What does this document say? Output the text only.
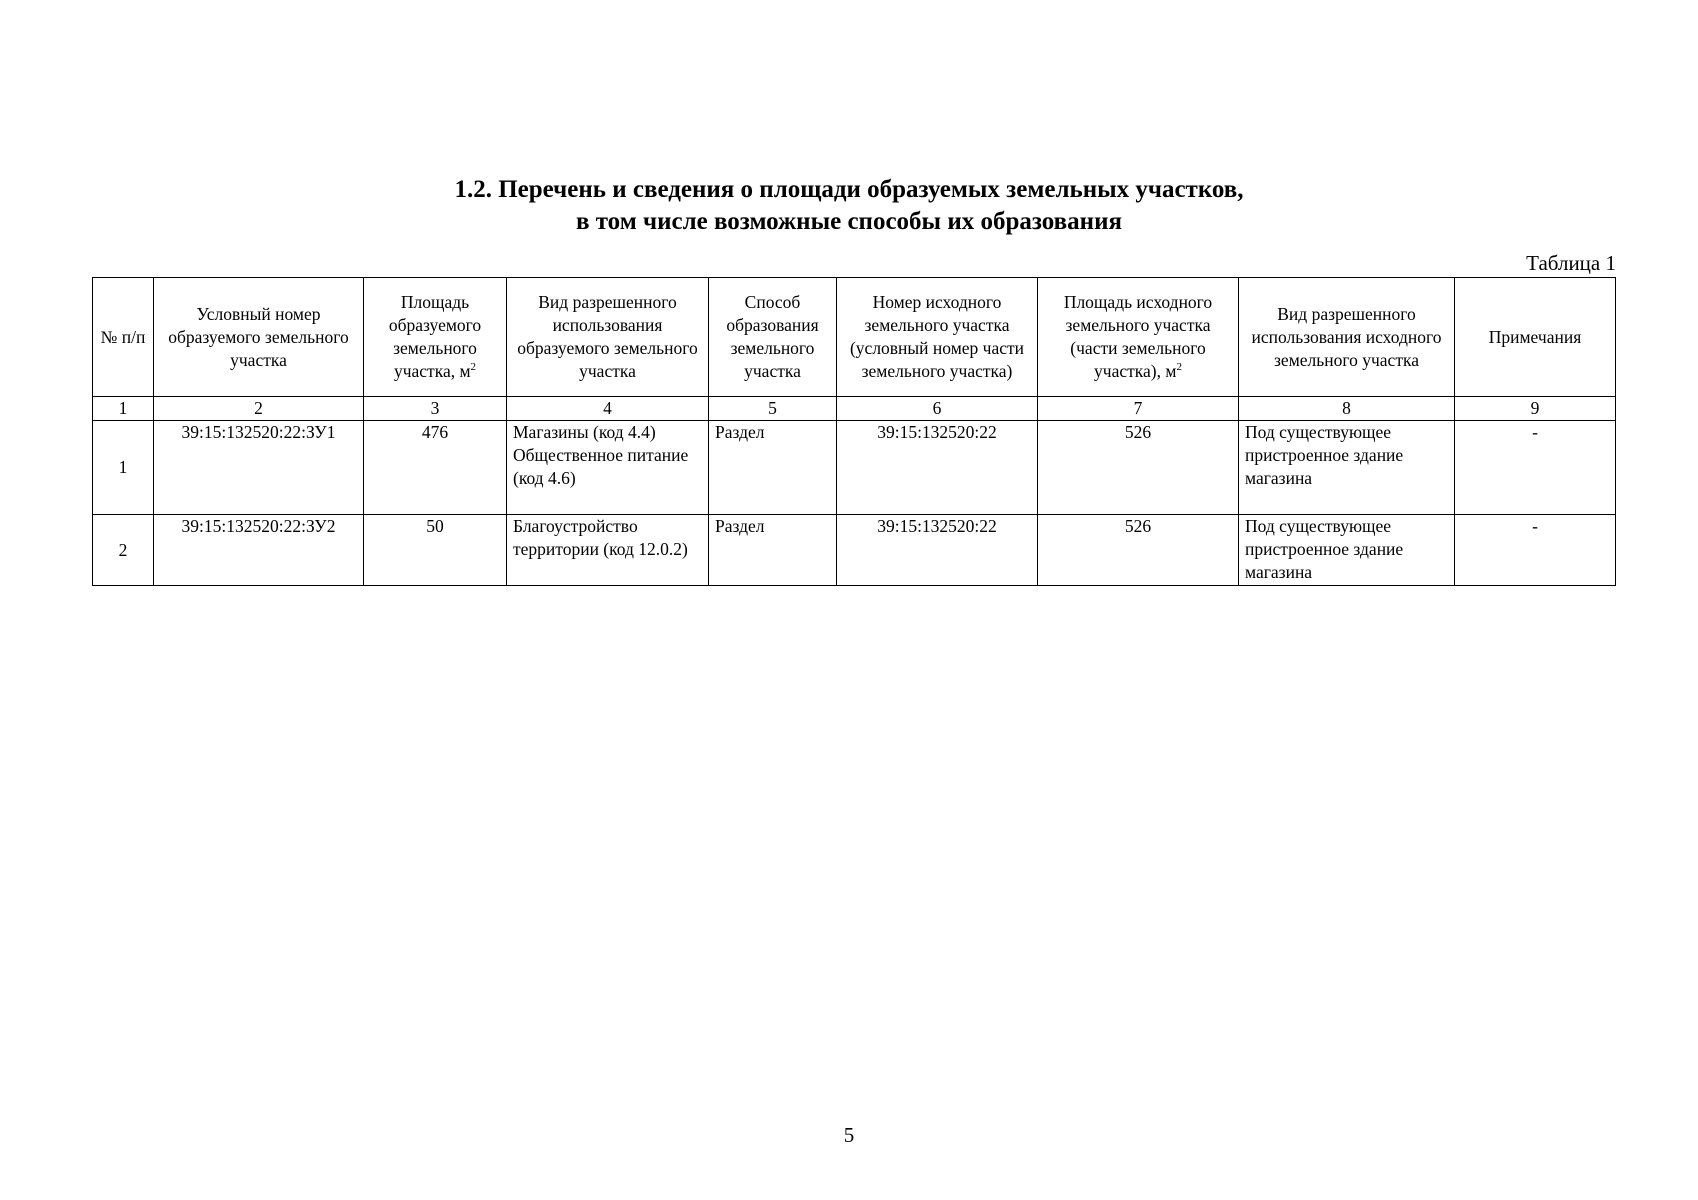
1.2. Перечень и сведения о площади образуемых земельных участков,
в том числе возможные способы их образования
Таблица 1
№ п/п	Условный номер образуемого земельного участка	Площадь образуемого земельного участка, $м^2$	Вид разрешенного использования образуемого земельного участка	Способ образования земельного участка	Номер исходного земельного участка (условный номер части земельного участка)	Площадь исходного земельного участка (части земельного участка), $м^2$	Вид разрешенного использования исходного земельного участка	Примечания
1	2	3	4	5	6	7	8	9
1	39:15:132520:22:ЗУ1	476	Магазины (код 4.4) Общественное питание (код 4.6)	Раздел	39:15:132520:22	526	Под существующее пристроенное здание магазина	-
2	39:15:132520:22:ЗУ2	50	Благоустройство территории (код 12.0.2)	Раздел	39:15:132520:22	526	Под существующее пристроенное здание магазина	-
5
